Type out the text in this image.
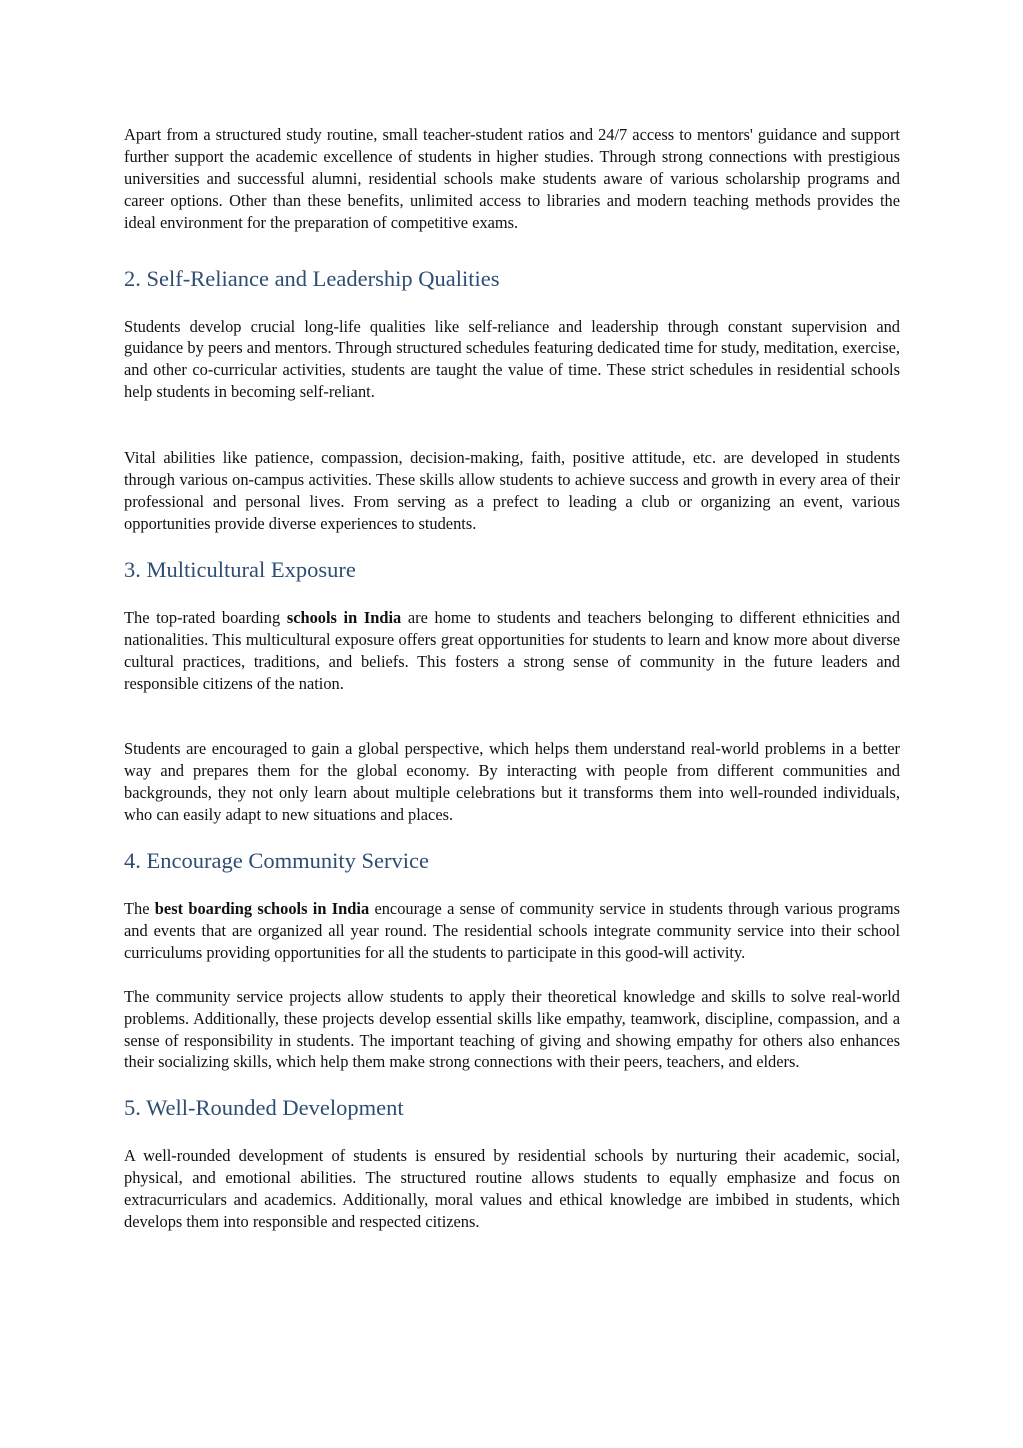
Apart from a structured study routine, small teacher-student ratios and 24/7 access to mentors' guidance and support further support the academic excellence of students in higher studies. Through strong connections with prestigious universities and successful alumni, residential schools make students aware of various scholarship programs and career options. Other than these benefits, unlimited access to libraries and modern teaching methods provides the ideal environment for the preparation of competitive exams.

2. Self-Reliance and Leadership Qualities

Students develop crucial long-life qualities like self-reliance and leadership through constant supervision and guidance by peers and mentors. Through structured schedules featuring dedicated time for study, meditation, exercise, and other co-curricular activities, students are taught the value of time. These strict schedules in residential schools help students in becoming self-reliant.

Vital abilities like patience, compassion, decision-making, faith, positive attitude, etc. are developed in students through various on-campus activities. These skills allow students to achieve success and growth in every area of their professional and personal lives. From serving as a prefect to leading a club or organizing an event, various opportunities provide diverse experiences to students.

3. Multicultural Exposure

The top-rated boarding schools in India are home to students and teachers belonging to different ethnicities and nationalities. This multicultural exposure offers great opportunities for students to learn and know more about diverse cultural practices, traditions, and beliefs. This fosters a strong sense of community in the future leaders and responsible citizens of the nation.

Students are encouraged to gain a global perspective, which helps them understand real-world problems in a better way and prepares them for the global economy. By interacting with people from different communities and backgrounds, they not only learn about multiple celebrations but it transforms them into well-rounded individuals, who can easily adapt to new situations and places.

4. Encourage Community Service

The best boarding schools in India encourage a sense of community service in students through various programs and events that are organized all year round. The residential schools integrate community service into their school curriculums providing opportunities for all the students to participate in this good-will activity.

The community service projects allow students to apply their theoretical knowledge and skills to solve real-world problems. Additionally, these projects develop essential skills like empathy, teamwork, discipline, compassion, and a sense of responsibility in students. The important teaching of giving and showing empathy for others also enhances their socializing skills, which help them make strong connections with their peers, teachers, and elders.

5. Well-Rounded Development

A well-rounded development of students is ensured by residential schools by nurturing their academic, social, physical, and emotional abilities. The structured routine allows students to equally emphasize and focus on extracurriculars and academics. Additionally, moral values and ethical knowledge are imbibed in students, which develops them into responsible and respected citizens.
